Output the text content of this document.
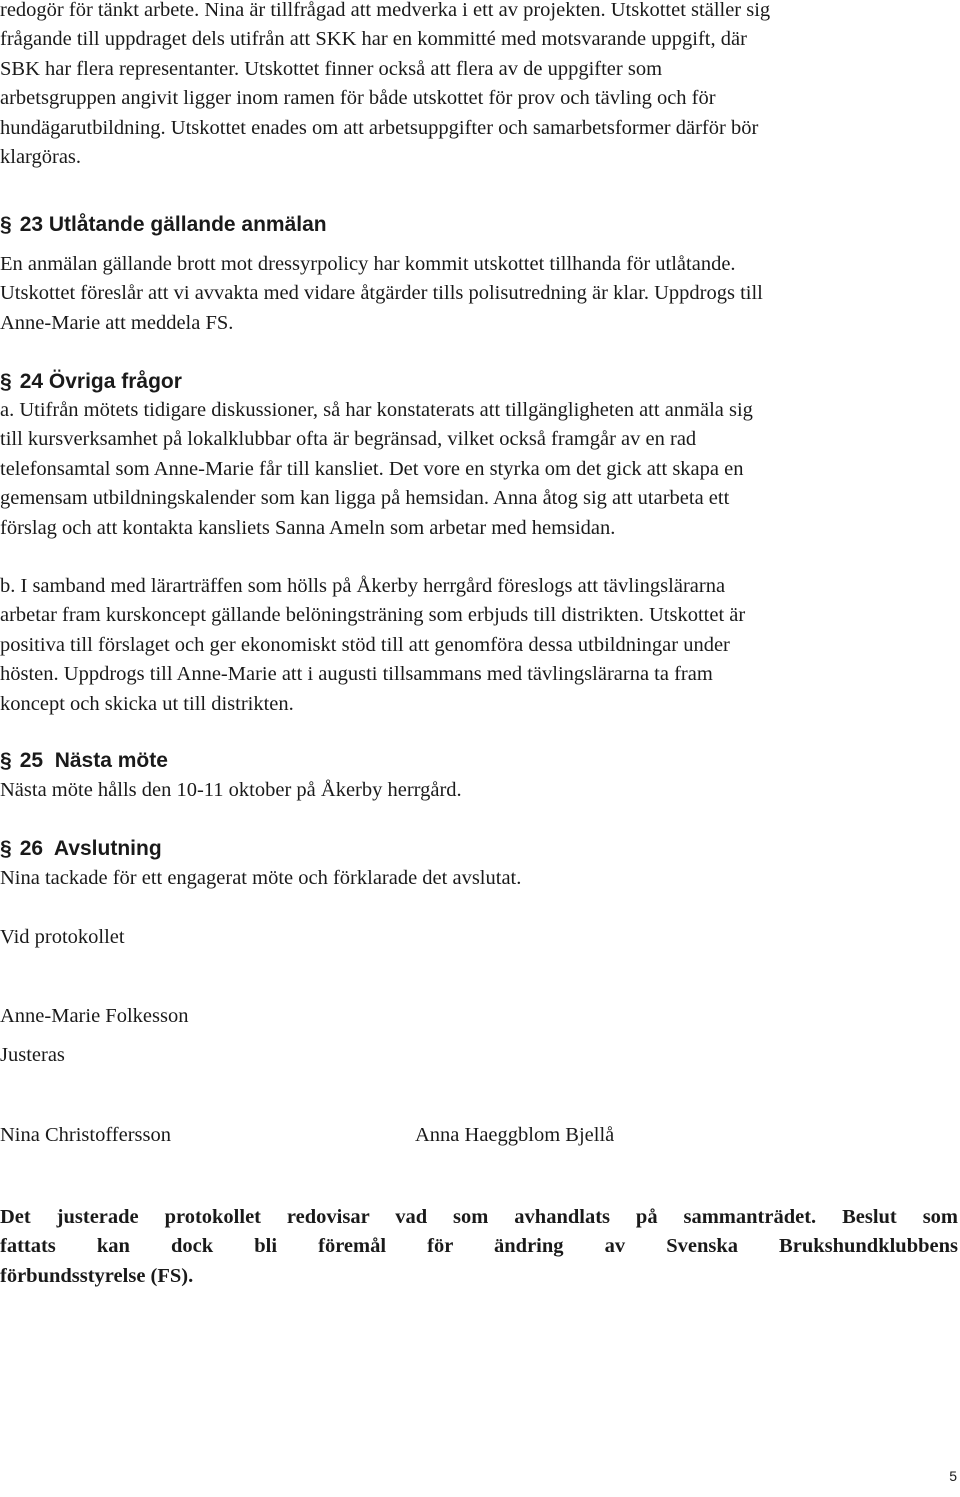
redogör för tänkt arbete. Nina är tillfrågad att medverka i ett av projekten. Utskottet ställer sig
frågande till uppdraget dels utifrån att SKK har en kommitté med motsvarande uppgift, där
SBK har flera representanter. Utskottet finner också att flera av de uppgifter som
arbetsgruppen angivit ligger inom ramen för både utskottet för prov och tävling och för
hundägarutbildning. Utskottet enades om att arbetsuppgifter och samarbetsformer därför bör
klargöras.
§ 23 Utlåtande gällande anmälan
En anmälan gällande brott mot dressyrpolicy har kommit utskottet tillhanda för utlåtande.
Utskottet föreslår att vi avvakta med vidare åtgärder tills polisutredning är klar. Uppdrogs till
Anne-Marie att meddela FS.
§ 24 Övriga frågor
a. Utifrån mötets tidigare diskussioner, så har konstaterats att tillgängligheten att anmäla sig
till kursverksamhet på lokalklubbar ofta är begränsad, vilket också framgår av en rad
telefonsamtal som Anne-Marie får till kansliet. Det vore en styrka om det gick att skapa en
gemensam utbildningskalender som kan ligga på hemsidan. Anna åtog sig att utarbeta ett
förslag och att kontakta kansliets Sanna Ameln som arbetar med hemsidan.
b. I samband med lärarträffen som hölls på Åkerby herrgård föreslogs att tävlingslärarna
arbetar fram kurskoncept gällande belöningsträning som erbjuds till distrikten. Utskottet är
positiva till förslaget och ger ekonomiskt stöd till att genomföra dessa utbildningar under
hösten. Uppdrogs till Anne-Marie att i augusti tillsammans med tävlingslärarna ta fram
koncept och skicka ut till distrikten.
§ 25  Nästa möte
Nästa möte hålls den 10-11 oktober på Åkerby herrgård.
§ 26  Avslutning
Nina tackade för ett engagerat möte och förklarade det avslutat.
Vid protokollet
Anne-Marie Folkesson
Justeras
Nina Christoffersson	Anna Haeggblom Bjellå
Det justerade protokollet redovisar vad som avhandlats på sammanträdet. Beslut som
fattats kan dock bli föremål för ändring av Svenska Brukshundklubbens
förbundsstyrelse (FS).
5
